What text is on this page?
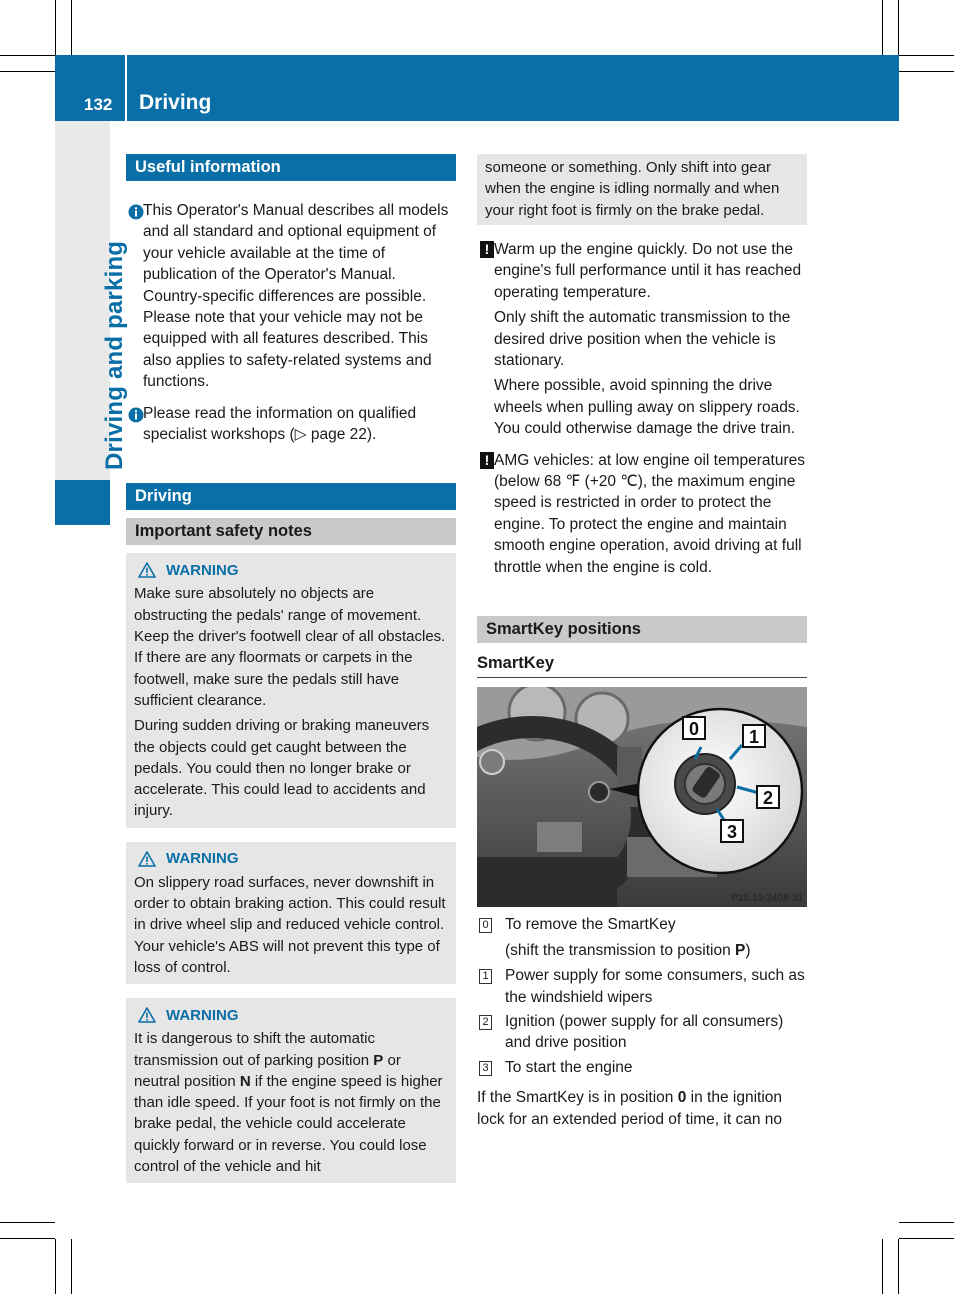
132 Driving
Driving and parking
Useful information
This Operator's Manual describes all models and all standard and optional equipment of your vehicle available at the time of publication of the Operator's Manual. Country-specific differences are possible. Please note that your vehicle may not be equipped with all features described. This also applies to safety-related systems and functions.
Please read the information on qualified specialist workshops (▷ page 22).
Driving
Important safety notes
WARNING

Make sure absolutely no objects are obstructing the pedals' range of movement. Keep the driver's footwell clear of all obstacles. If there are any floormats or carpets in the footwell, make sure the pedals still have sufficient clearance.

During sudden driving or braking maneuvers the objects could get caught between the pedals. You could then no longer brake or accelerate. This could lead to accidents and injury.

WARNING

On slippery road surfaces, never downshift in order to obtain braking action. This could result in drive wheel slip and reduced vehicle control. Your vehicle's ABS will not prevent this type of loss of control.

WARNING

It is dangerous to shift the automatic transmission out of parking position P or neutral position N if the engine speed is higher than idle speed. If your foot is not firmly on the brake pedal, the vehicle could accelerate quickly forward or in reverse. You could lose control of the vehicle and hit

someone or something. Only shift into gear when the engine is idling normally and when your right foot is firmly on the brake pedal.

! Warm up the engine quickly. Do not use the engine's full performance until it has reached operating temperature.
Only shift the automatic transmission to the desired drive position when the vehicle is stationary.
Where possible, avoid spinning the drive wheels when pulling away on slippery roads. You could otherwise damage the drive train.
! AMG vehicles: at low engine oil temperatures (below 68 ℉ (+20 ℃), the maximum engine speed is restricted in order to protect the engine. To protect the engine and maintain smooth engine operation, avoid driving at full throttle when the engine is cold.
SmartKey positions
SmartKey
0	1
2
3
P15.10-2408-31
0 To remove the SmartKey
(shift the transmission to position P)
1 Power supply for some consumers, such as the windshield wipers
2 Ignition (power supply for all consumers) and drive position
3 To start the engine

If the SmartKey is in position 0 in the ignition lock for an extended period of time, it can no
